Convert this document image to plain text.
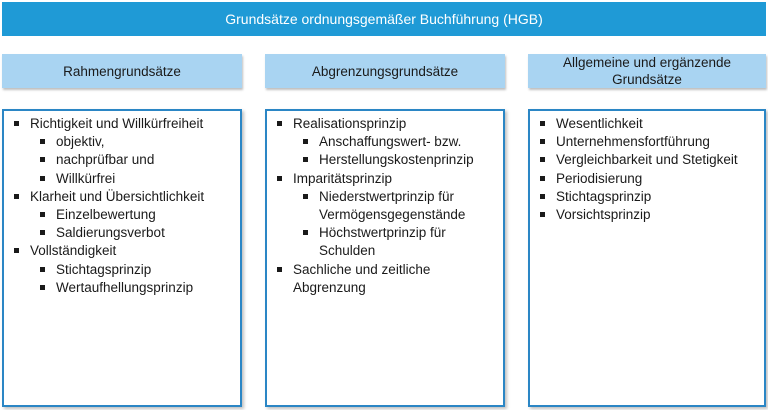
Grundsätze ordnungsgemäßer Buchführung (HGB)
Rahmengrundsätze
Richtigkeit und Willkürfreiheit
objektiv,
nachprüfbar und
Willkürfrei
Klarheit und Übersichtlichkeit
Einzelbewertung
Saldierungsverbot
Vollständigkeit
Stichtagsprinzip
Wertaufhellungsprinzip
Abgrenzungsgrundsätze
Realisationsprinzip
Anschaffungswert- bzw.
Herstellungskostenprinzip
Imparitätsprinzip
Niederstwertprinzip für Vermögensgegenstände
Höchstwertprinzip für Schulden
Sachliche und zeitliche Abgrenzung
Allgemeine und ergänzende Grundsätze
Wesentlichkeit
Unternehmensfortführung
Vergleichbarkeit und Stetigkeit
Periodisierung
Stichtagsprinzip
Vorsichtsprinzip
